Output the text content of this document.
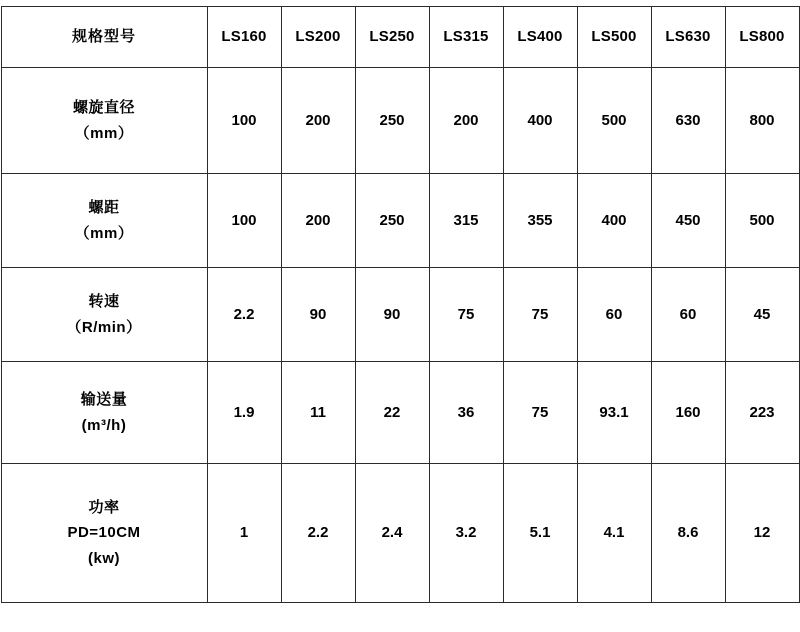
规格型号	LS160	LS200	LS250	LS315	LS400	LS500	LS630	LS800

螺旋直径
（mm）	100	200	250	200	400	500	630	800

螺距
（mm）	100	200	250	315	355	400	450	500

转速
（R/min）	2.2	90	90	75	75	60	60	45

输送量
(m³/h)	1.9	11	22	36	75	93.1	160	223

功率
PD=10CM
(kw)	1	2.2	2.4	3.2	5.1	4.1	8.6	12
